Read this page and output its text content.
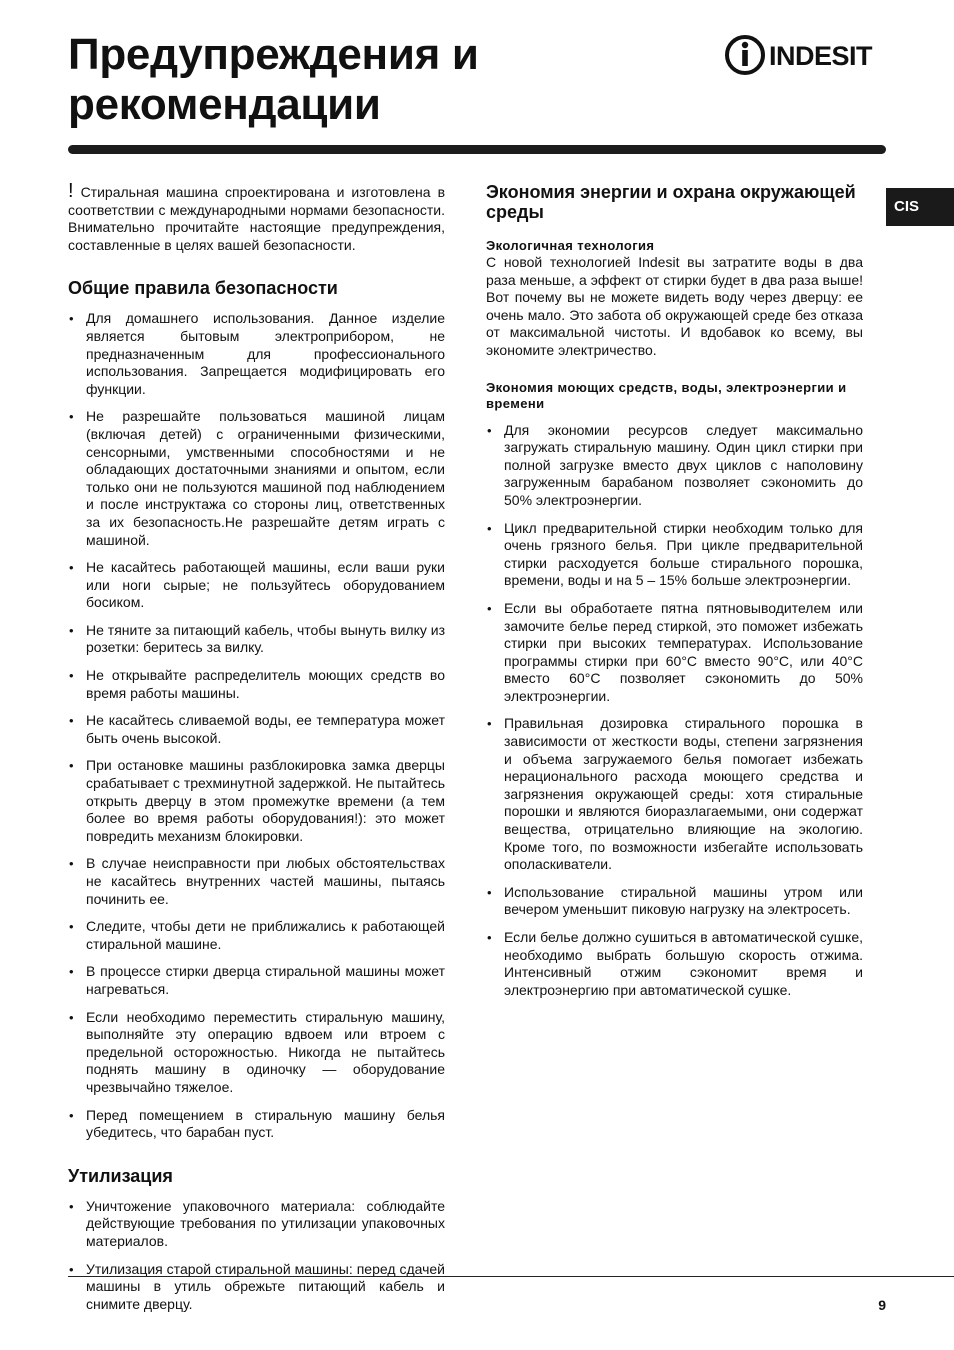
Предупреждения и рекомендации
INDESIT
CIS

! Стиральная машина спроектирована и изготовлена в соответствии с международными нормами безопасности. Внимательно прочитайте настоящие предупреждения, составленные в целях вашей безопасности.

Общие правила безопасности
• Для домашнего использования. Данное изделие является бытовым электроприбором, не предназначенным для профессионального использования. Запрещается модифицировать его функции.
• Не разрешайте пользоваться машиной лицам (включая детей) с ограниченными физическими, сенсорными, умственными способностями и не обладающих достаточными знаниями и опытом, если только они не пользуются машиной под наблюдением и после инструктажа со стороны лиц, ответственных за их безопасность.Не разрешайте детям играть с машиной.
• Не касайтесь работающей машины, если ваши руки или ноги сырые; не пользуйтесь оборудованием босиком.
• Не тяните за питающий кабель, чтобы вынуть вилку из розетки: беритесь за вилку.
• Не открывайте распределитель моющих средств во время работы машины.
• Не касайтесь сливаемой воды, ее температура может быть очень высокой.
• При остановке машины разблокировка замка дверцы срабатывает с трехминутной задержкой. Не пытайтесь открыть дверцу в этом промежутке времени (а тем более во время работы оборудования!): это может повредить механизм блокировки.
• В случае неисправности при любых обстоятельствах не касайтесь внутренних частей машины, пытаясь починить ее.
• Следите, чтобы дети не приближались к работающей стиральной машине.
• В процессе стирки дверца стиральной машины может нагреваться.
• Если необходимо переместить стиральную машину, выполняйте эту операцию вдвоем или втроем с предельной осторожностью. Никогда не пытайтесь поднять машину в одиночку — оборудование чрезвычайно тяжелое.
• Перед помещением в стиральную машину белья убедитесь, что барабан пуст.
Утилизация
• Уничтожение упаковочного материала: соблюдайте действующие требования по утилизации упаковочных материалов.
• Утилизация старой стиральной машины: перед сдачей машины в утиль обрежьте питающий кабель и снимите дверцу.
Экономия энергии и охрана окружающей среды
Экологичная технология

С новой технологией Indesit вы затратите воды в два раза меньше, а эффект от стирки будет в два раза выше! Вот почему вы не можете видеть воду через дверцу: ее очень мало. Это забота об окружающей среде без отказа от максимальной чистоты. И вдобавок ко всему, вы экономите электричество.

Экономия моющих средств, воды, электроэнергии и времени
• Для экономии ресурсов следует максимально загружать стиральную машину. Один цикл стирки при полной загрузке вместо двух циклов с наполовину загруженным барабаном позволяет сэкономить до 50% электроэнергии.
• Цикл предварительной стирки необходим только для очень грязного белья. При цикле предварительной стирки расходуется больше стирального порошка, времени, воды и на 5 – 15% больше электроэнергии.
• Если вы обработаете пятна пятновыводителем или замочите белье перед стиркой, это поможет избежать стирки при высоких температурах. Использование программы стирки при 60°C вместо 90°C, или 40°C вместо 60°C позволяет сэкономить до 50% электроэнергии.
• Правильная дозировка стирального порошка в зависимости от жесткости воды, степени загрязнения и объема загружаемого белья помогает избежать нерационального расхода моющего средства и загрязнения окружающей среды: хотя стиральные порошки и являются биоразлагаемыми, они содержат вещества, отрицательно влияющие на экологию. Кроме того, по возможности избегайте использовать ополаскиватели.
• Использование стиральной машины утром или вечером уменьшит пиковую нагрузку на электросеть.
• Если белье должно сушиться в автоматической сушке, необходимо выбрать большую скорость отжима. Интенсивный отжим сэкономит время и электроэнергию при автоматической сушке.
9
